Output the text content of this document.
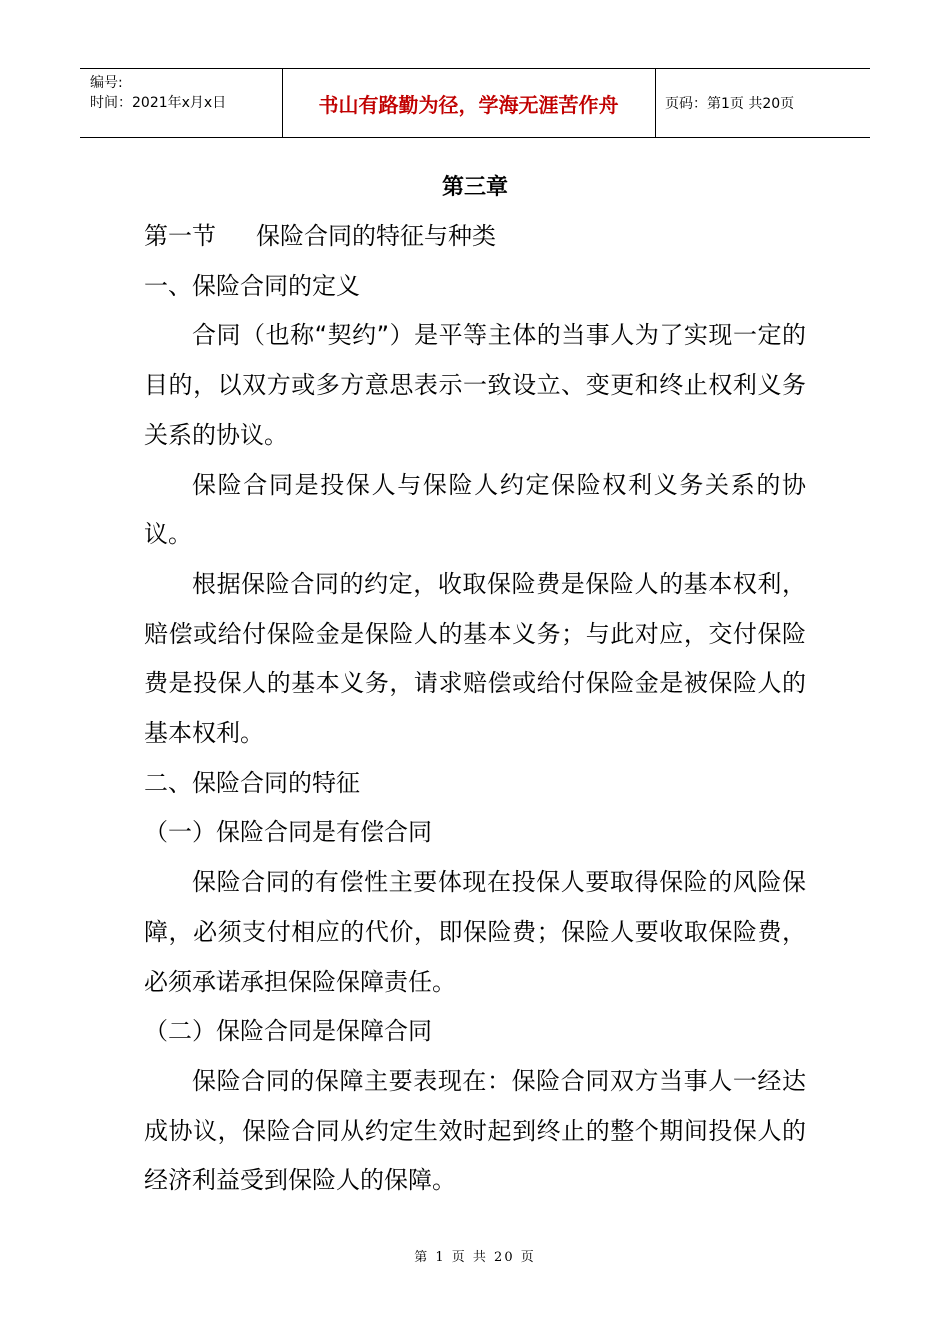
编号:
时间：2021年x月x日	书山有路勤为径，学海无涯苦作舟	页码：第1页 共20页
第三章

第一节 保险合同的特征与种类

一、保险合同的定义

合同（也称“契约”）是平等主体的当事人为了实现一定的目的，以双方或多方意思表示一致设立、变更和终止权利义务关系的协议。

保险合同是投保人与保险人约定保险权利义务关系的协议。

根据保险合同的约定，收取保险费是保险人的基本权利，赔偿或给付保险金是保险人的基本义务；与此对应，交付保险费是投保人的基本义务，请求赔偿或给付保险金是被保险人的基本权利。

二、保险合同的特征

（一）保险合同是有偿合同

保险合同的有偿性主要体现在投保人要取得保险的风险保障，必须支付相应的代价，即保险费；保险人要收取保险费，必须承诺承担保险保障责任。

（二）保险合同是保障合同

保险合同的保障主要表现在：保险合同双方当事人一经达成协议，保险合同从约定生效时起到终止的整个期间投保人的经济利益受到保险人的保障。

第 1 页 共 20 页
